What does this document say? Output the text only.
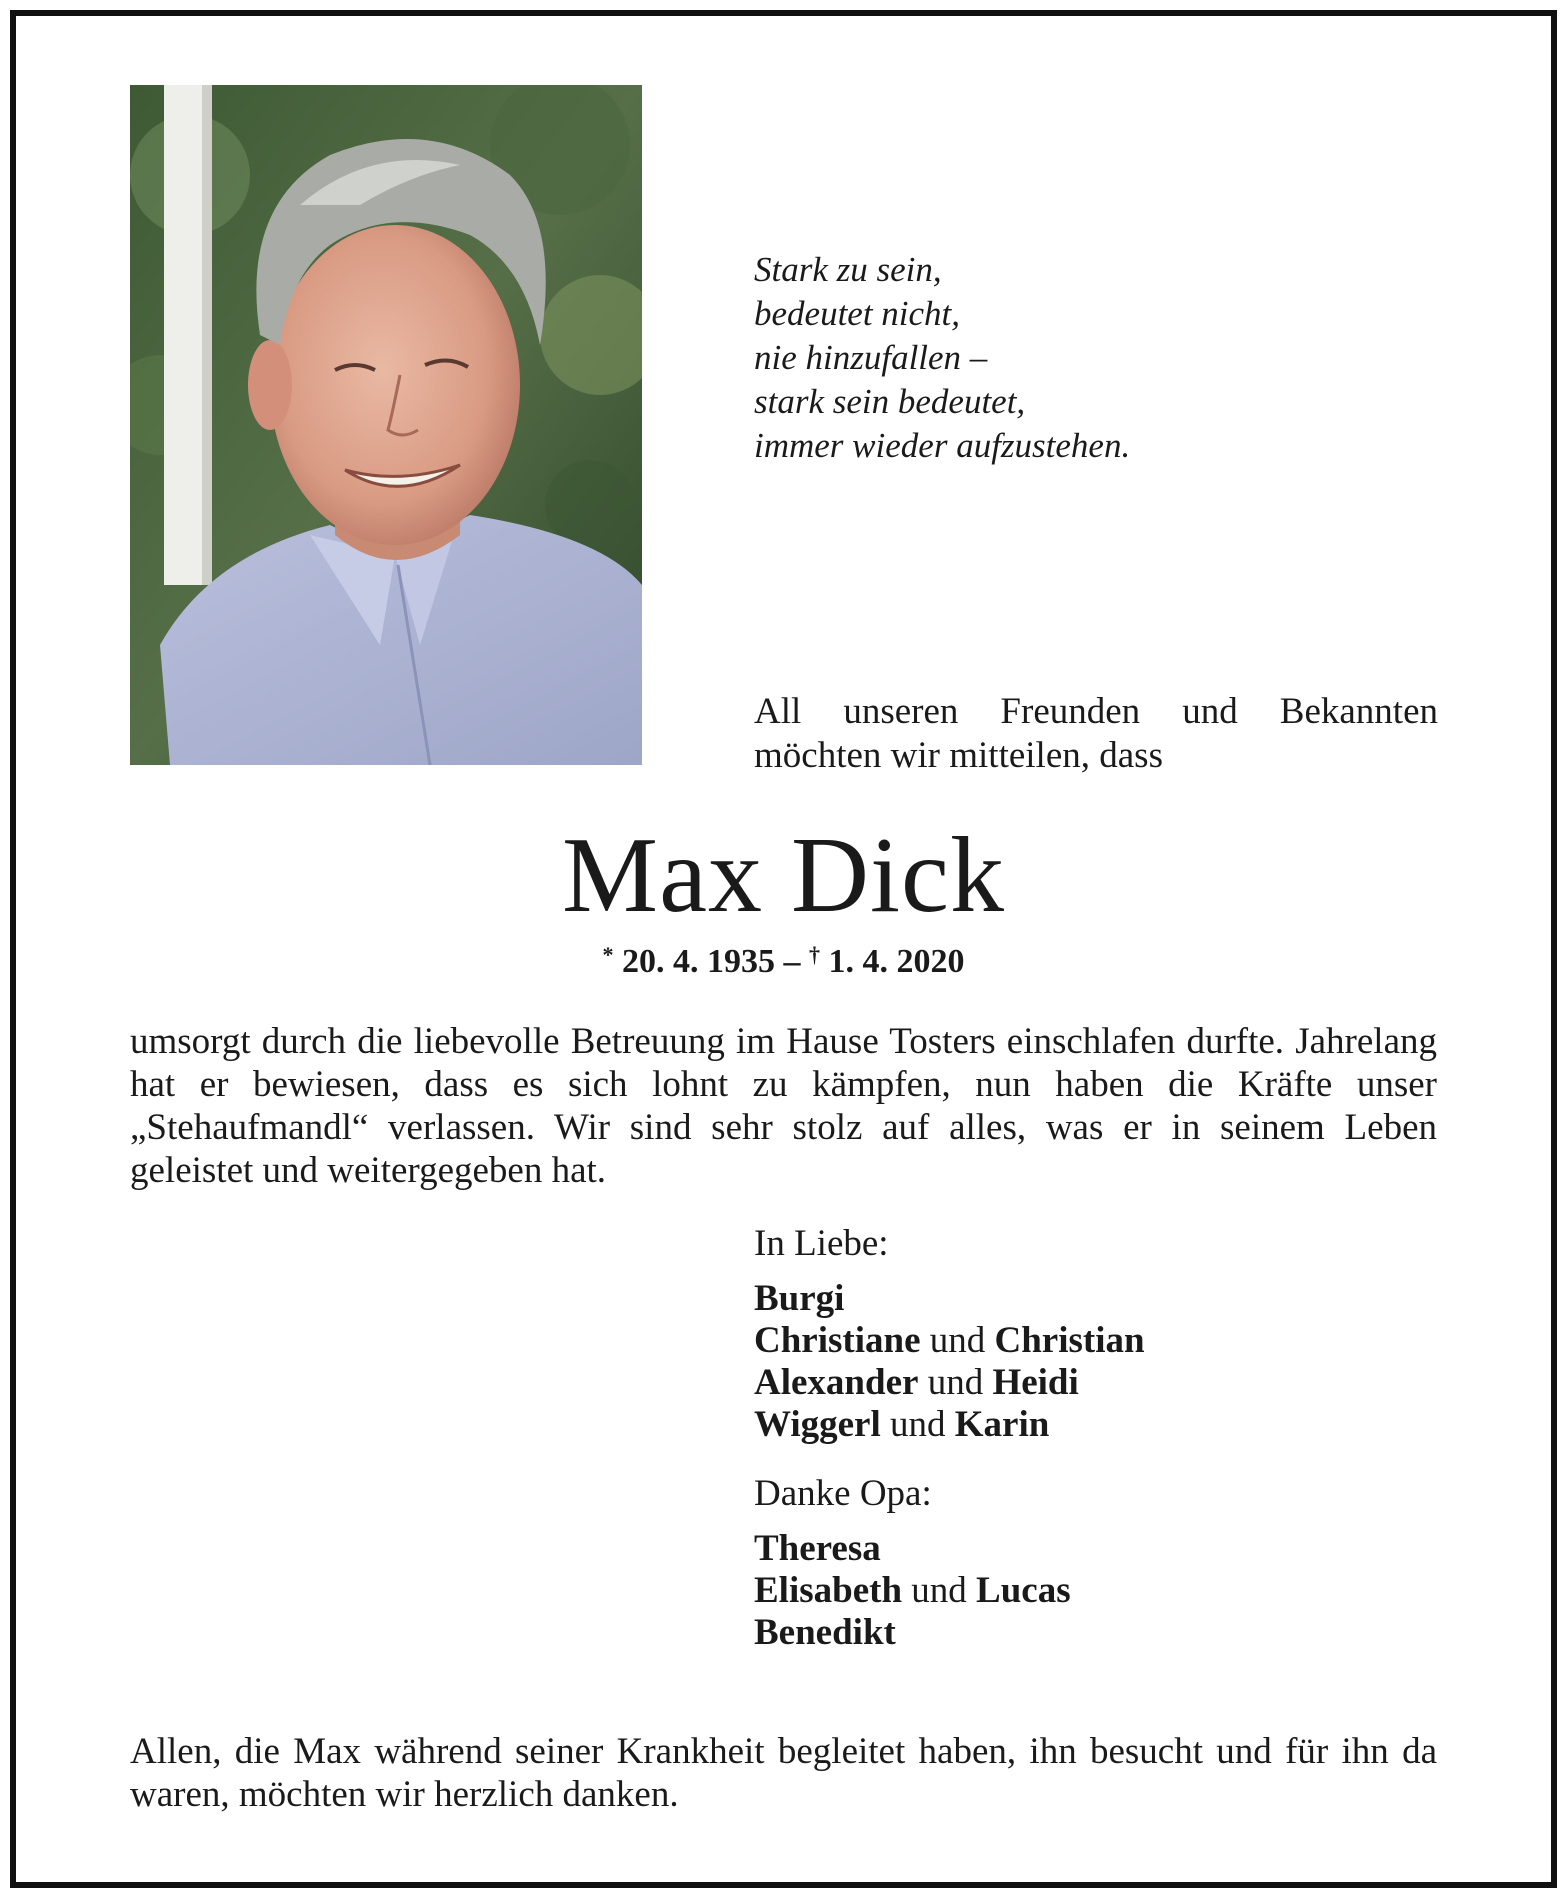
Stark zu sein,
bedeutet nicht,
nie hinzufallen –
stark sein bedeutet,
immer wieder aufzustehen.
All unseren Freunden und Bekannten
möchten wir mitteilen, dass
Max Dick
* 20. 4. 1935 – † 1. 4. 2020
umsorgt durch die liebevolle Betreuung im Hause Tosters einschlafen durfte. Jahrelang hat er bewiesen, dass es sich lohnt zu kämpfen, nun haben die Kräfte unser „Stehaufmandl“ verlassen. Wir sind sehr stolz auf alles, was er in seinem Leben geleistet und weitergegeben hat.
In Liebe:
Burgi
Christiane und Christian
Alexander und Heidi
Wiggerl und Karin
Danke Opa:
Theresa
Elisabeth und Lucas
Benedikt
Allen, die Max während seiner Krankheit begleitet haben, ihn besucht und für ihn da waren, möchten wir herzlich danken.
